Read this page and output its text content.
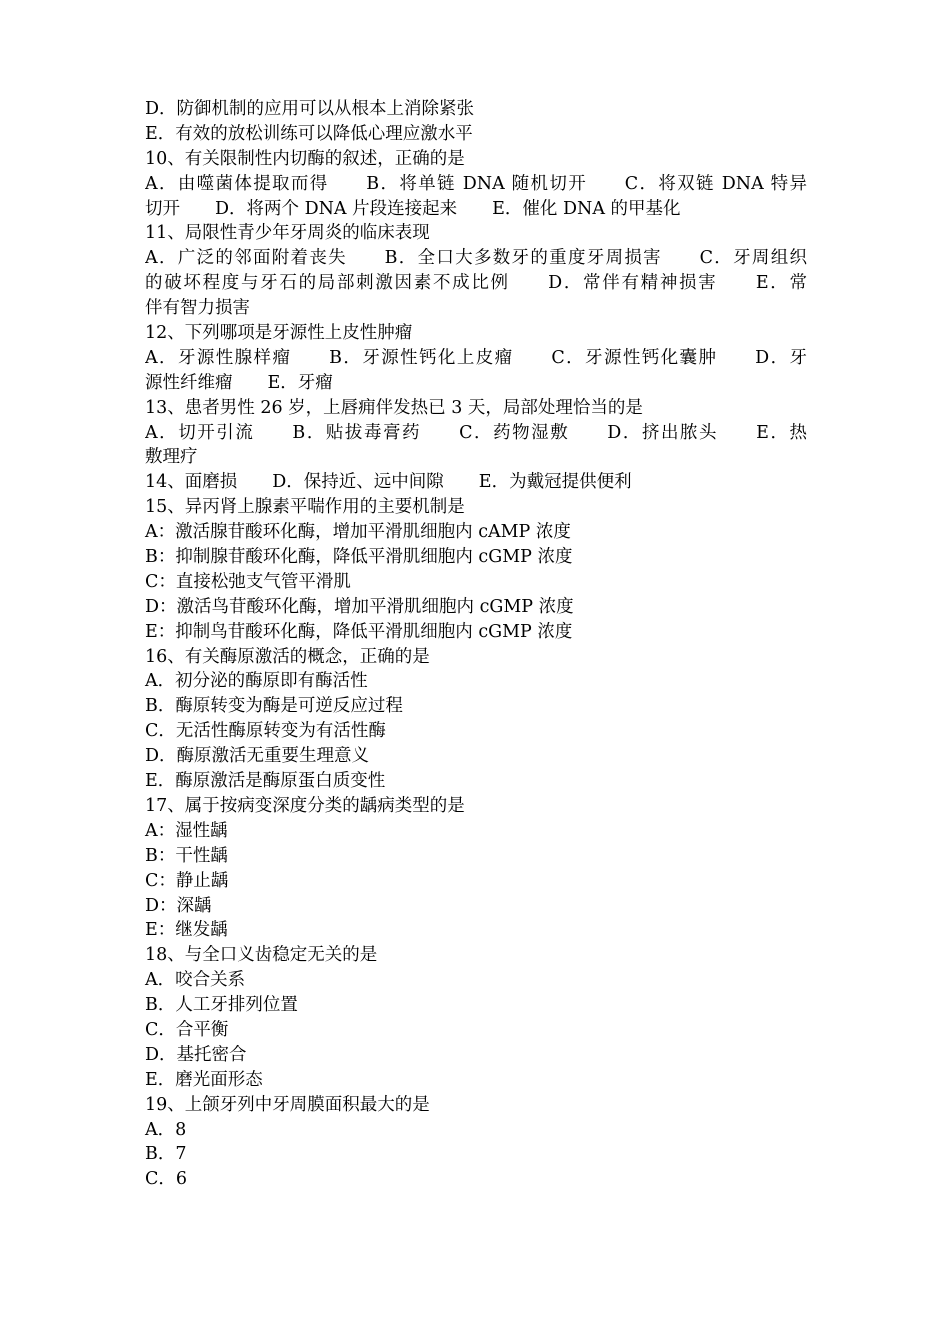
D．防御机制的应用可以从根本上消除紧张
E．有效的放松训练可以降低心理应激水平
10、有关限制性内切酶的叙述，正确的是
A．由噬菌体提取而得　　B．将单链 DNA 随机切开　　C．将双链 DNA 特异
切开　　D．将两个 DNA 片段连接起来　　E．催化 DNA 的甲基化
11、局限性青少年牙周炎的临床表现
A．广泛的邻面附着丧失　　B．全口大多数牙的重度牙周损害　　C．牙周组织
的破坏程度与牙石的局部刺激因素不成比例　　D．常伴有精神损害　　E．常
伴有智力损害
12、下列哪项是牙源性上皮性肿瘤
A．牙源性腺样瘤　　B．牙源性钙化上皮瘤　　C．牙源性钙化囊肿　　D．牙
源性纤维瘤　　E．牙瘤
13、患者男性 26 岁，上唇痈伴发热已 3 天，局部处理恰当的是
A．切开引流　　B．贴拔毒膏药　　C．药物湿敷　　D．挤出脓头　　E．热
敷理疗
14、面磨损　　D．保持近、远中间隙　　E．为戴冠提供便利
15、异丙肾上腺素平喘作用的主要机制是
A：激活腺苷酸环化酶，增加平滑肌细胞内 cAMP 浓度
B：抑制腺苷酸环化酶，降低平滑肌细胞内 cGMP 浓度
C：直接松弛支气管平滑肌
D：激活鸟苷酸环化酶，增加平滑肌细胞内 cGMP 浓度
E：抑制鸟苷酸环化酶，降低平滑肌细胞内 cGMP 浓度
16、有关酶原激活的概念，正确的是
A．初分泌的酶原即有酶活性
B．酶原转变为酶是可逆反应过程
C．无活性酶原转变为有活性酶
D．酶原激活无重要生理意义
E．酶原激活是酶原蛋白质变性
17、属于按病变深度分类的龋病类型的是
A：湿性龋
B：干性龋
C：静止龋
D：深龋
E：继发龋
18、与全口义齿稳定无关的是
A．咬合关系
B．人工牙排列位置
C．合平衡
D．基托密合
E．磨光面形态
19、上颌牙列中牙周膜面积最大的是
A．8
B．7
C．6
